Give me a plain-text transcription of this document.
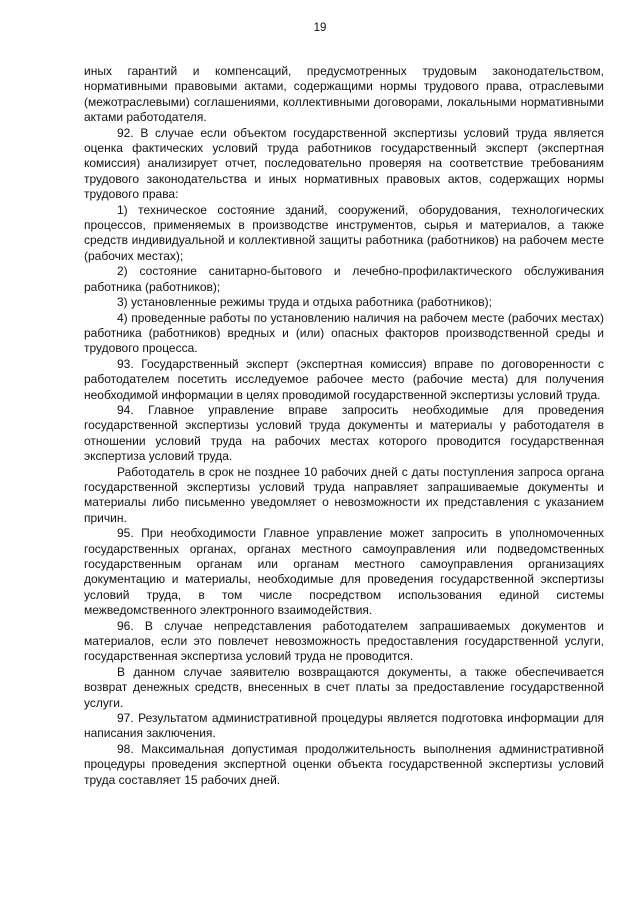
19

иных гарантий и компенсаций, предусмотренных трудовым законодательством, нормативными правовыми актами, содержащими нормы трудового права, отраслевыми (межотраслевыми) соглашениями, коллективными договорами, локальными нормативными актами работодателя.

92. В случае если объектом государственной экспертизы условий труда является оценка фактических условий труда работников государственный эксперт (экспертная комиссия) анализирует отчет, последовательно проверяя на соответствие требованиям трудового законодательства и иных нормативных правовых актов, содержащих нормы трудового права:

1) техническое состояние зданий, сооружений, оборудования, технологических процессов, применяемых в производстве инструментов, сырья и материалов, а также средств индивидуальной и коллективной защиты работника (работников) на рабочем месте (рабочих местах);

2) состояние санитарно-бытового и лечебно-профилактического обслуживания работника (работников);

3) установленные режимы труда и отдыха работника (работников);

4) проведенные работы по установлению наличия на рабочем месте (рабочих местах) работника (работников) вредных и (или) опасных факторов производственной среды и трудового процесса.

93. Государственный эксперт (экспертная комиссия) вправе по договоренности с работодателем посетить исследуемое рабочее место (рабочие места) для получения необходимой информации в целях проводимой государственной экспертизы условий труда.

94. Главное управление вправе запросить необходимые для проведения государственной экспертизы условий труда документы и материалы у работодателя в отношении условий труда на рабочих местах которого проводится государственная экспертиза условий труда.

Работодатель в срок не позднее 10 рабочих дней с даты поступления запроса органа государственной экспертизы условий труда направляет запрашиваемые документы и материалы либо письменно уведомляет о невозможности их представления с указанием причин.

95. При необходимости Главное управление может запросить в уполномоченных государственных органах, органах местного самоуправления или подведомственных государственным органам или органам местного самоуправления организациях документацию и материалы, необходимые для проведения государственной экспертизы условий труда, в том числе посредством использования единой системы межведомственного электронного взаимодействия.

96. В случае непредставления работодателем запрашиваемых документов и материалов, если это повлечет невозможность предоставления государственной услуги, государственная экспертиза условий труда не проводится.

В данном случае заявителю возвращаются документы, а также обеспечивается возврат денежных средств, внесенных в счет платы за предоставление государственной услуги.

97. Результатом административной процедуры является подготовка информации для написания заключения.

98. Максимальная допустимая продолжительность выполнения административной процедуры проведения экспертной оценки объекта государственной экспертизы условий труда составляет 15 рабочих дней.
